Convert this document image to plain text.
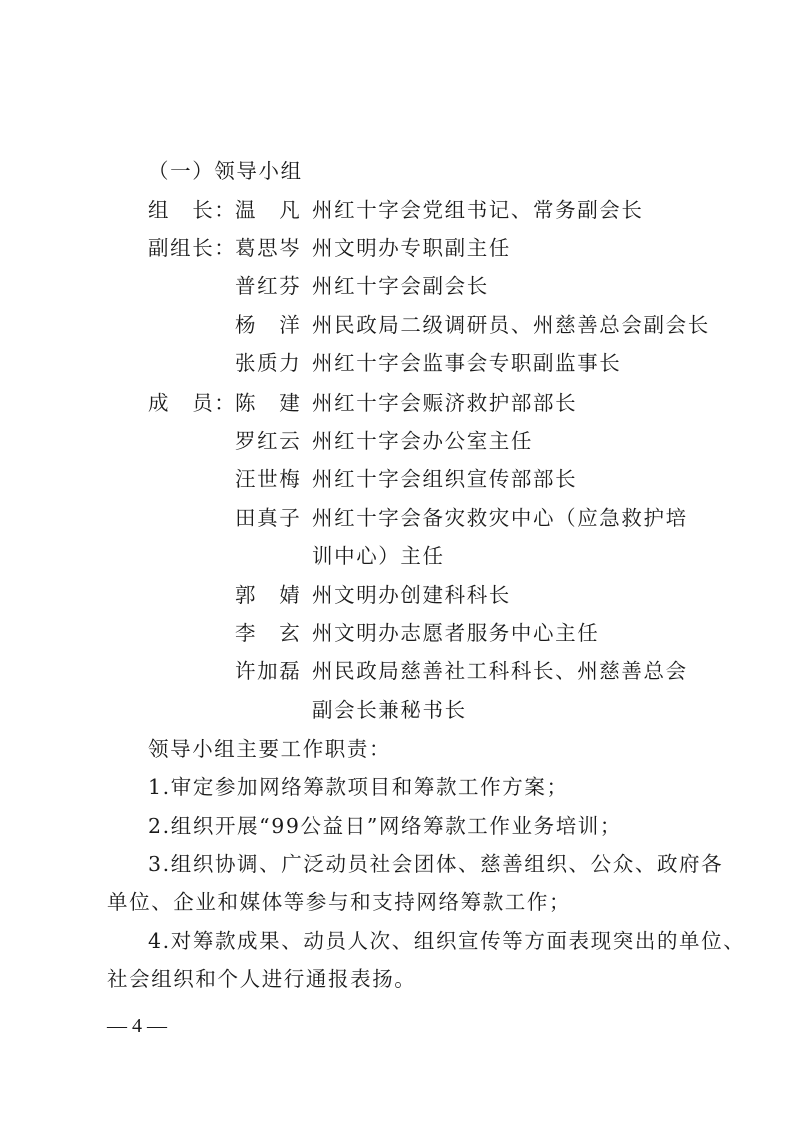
（一）领导小组
组　长：
温　凡 州红十字会党组书记、常务副会长
副组长：
葛思岑 州文明办专职副主任
普红芬 州红十字会副会长
杨　洋 州民政局二级调研员、州慈善总会副会长
张质力 州红十字会监事会专职副监事长
成　员：
陈　建 州红十字会赈济救护部部长
罗红云 州红十字会办公室主任
汪世梅 州红十字会组织宣传部部长
田真子 州红十字会备灾救灾中心（应急救护培
训中心）主任
郭　婧 州文明办创建科科长
李　玄 州文明办志愿者服务中心主任
许加磊 州民政局慈善社工科科长、州慈善总会
副会长兼秘书长
领导小组主要工作职责：
1.审定参加网络筹款项目和筹款工作方案；
2.组织开展“99公益日”网络筹款工作业务培训；
3.组织协调、广泛动员社会团体、慈善组织、公众、政府各
单位、企业和媒体等参与和支持网络筹款工作；
4.对筹款成果、动员人次、组织宣传等方面表现突出的单位、
社会组织和个人进行通报表扬。
— 4 —
